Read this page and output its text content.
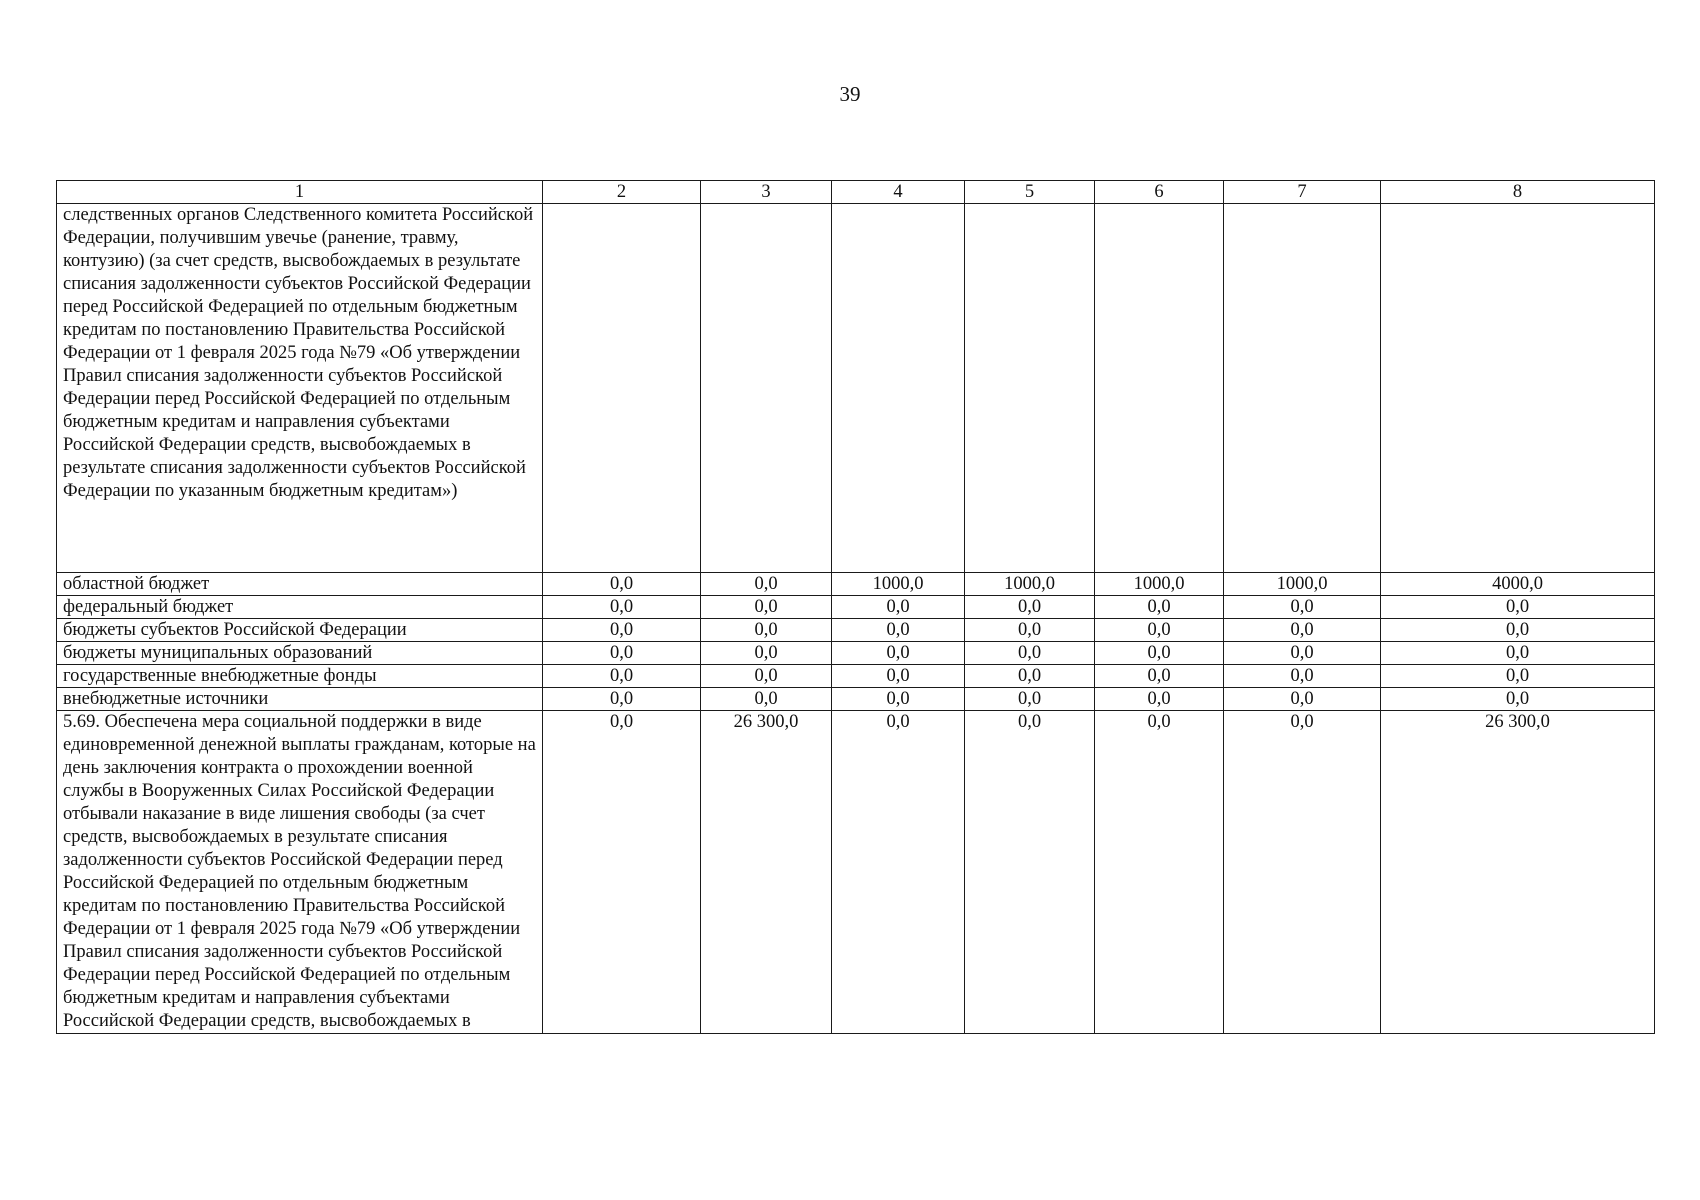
39
1	2	3	4	5	6	7	8
следственных органов Следственного комитета Российской Федерации, получившим увечье (ранение, травму, контузию) (за счет средств, высвобождаемых в результате списания задолженности субъектов Российской Федерации перед Российской Федерацией по отдельным бюджетным кредитам по постановлению Правительства Российской Федерации от 1 февраля 2025 года №79 «Об утверждении Правил списания задолженности субъектов Российской Федерации перед Российской Федерацией по отдельным бюджетным кредитам и направления субъектами Российской Федерации средств, высвобождаемых в результате списания задолженности субъектов Российской Федерации по указанным бюджетным кредитам»)							
областной бюджет	0,0	0,0	1000,0	1000,0	1000,0	1000,0	4000,0
федеральный бюджет	0,0	0,0	0,0	0,0	0,0	0,0	0,0
бюджеты субъектов Российской Федерации	0,0	0,0	0,0	0,0	0,0	0,0	0,0
бюджеты муниципальных образований	0,0	0,0	0,0	0,0	0,0	0,0	0,0
государственные внебюджетные фонды	0,0	0,0	0,0	0,0	0,0	0,0	0,0
внебюджетные источники	0,0	0,0	0,0	0,0	0,0	0,0	0,0
5.69. Обеспечена мера социальной поддержки в виде единовременной денежной выплаты гражданам, которые на день заключения контракта о прохождении военной службы в Вооруженных Силах Российской Федерации отбывали наказание в виде лишения свободы (за счет средств, высвобождаемых в результате списания задолженности субъектов Российской Федерации перед Российской Федерацией по отдельным бюджетным кредитам по постановлению Правительства Российской Федерации от 1 февраля 2025 года №79 «Об утверждении Правил списания задолженности субъектов Российской Федерации перед Российской Федерацией по отдельным бюджетным кредитам и направления субъектами Российской Федерации средств, высвобождаемых в	0,0	26 300,0	0,0	0,0	0,0	0,0	26 300,0
